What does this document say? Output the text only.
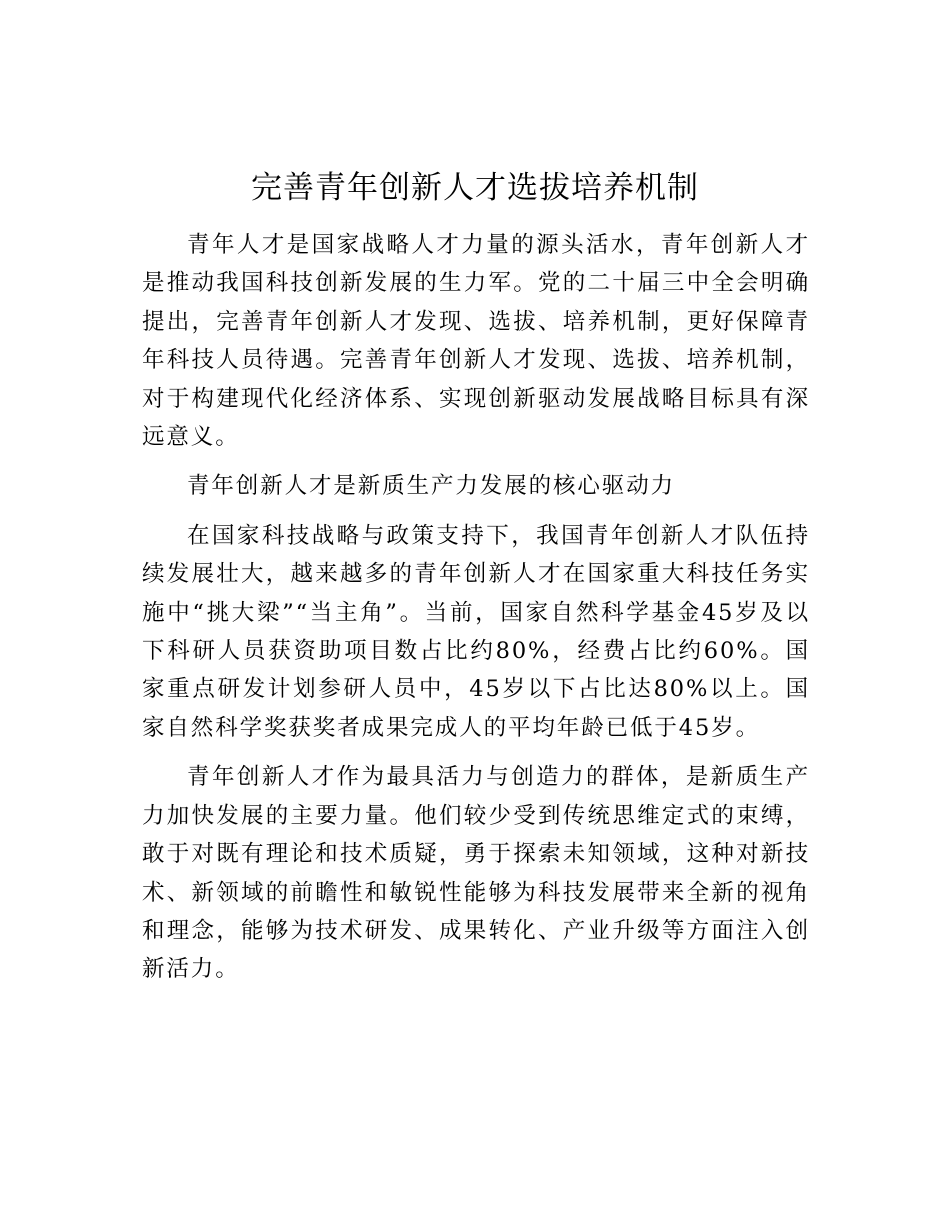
完善青年创新人才选拔培养机制

青年人才是国家战略人才力量的源头活水，青年创新人才是推动我国科技创新发展的生力军。党的二十届三中全会明确提出，完善青年创新人才发现、选拔、培养机制，更好保障青年科技人员待遇。完善青年创新人才发现、选拔、培养机制，对于构建现代化经济体系、实现创新驱动发展战略目标具有深远意义。

青年创新人才是新质生产力发展的核心驱动力

在国家科技战略与政策支持下，我国青年创新人才队伍持续发展壮大，越来越多的青年创新人才在国家重大科技任务实施中“挑大梁”“当主角”。当前，国家自然科学基金45岁及以下科研人员获资助项目数占比约80%，经费占比约60%。国家重点研发计划参研人员中，45岁以下占比达80%以上。国家自然科学奖获奖者成果完成人的平均年龄已低于45岁。

青年创新人才作为最具活力与创造力的群体，是新质生产力加快发展的主要力量。他们较少受到传统思维定式的束缚，敢于对既有理论和技术质疑，勇于探索未知领域，这种对新技术、新领域的前瞻性和敏锐性能够为科技发展带来全新的视角和理念，能够为技术研发、成果转化、产业升级等方面注入创新活力。
